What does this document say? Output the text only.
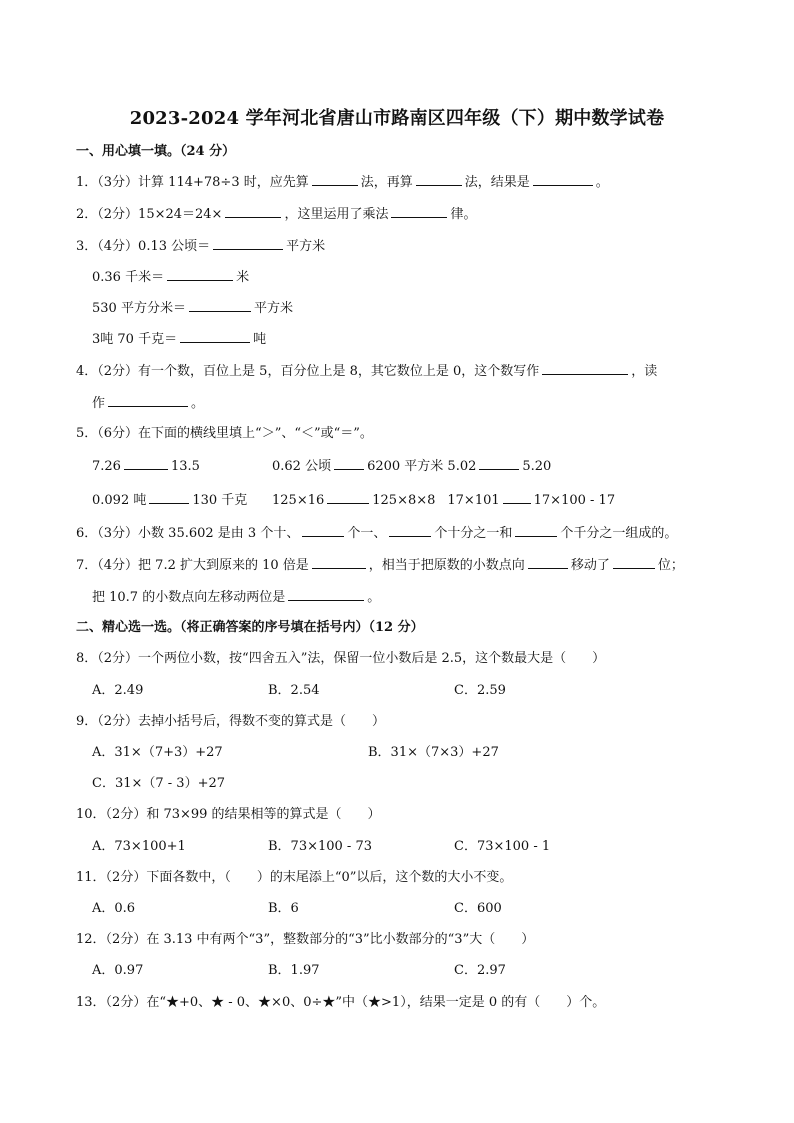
2023-2024 学年河北省唐山市路南区四年级（下）期中数学试卷
一、用心填一填。（24 分）
1．（3分）计算 114+78÷3 时，应先算	法，再算	法，结果是	。
2．（2分）15×24＝24×	，这里运用了乘法	律。
3．（4分）0.13 公顷＝	平方米
0.36 千米＝	米
530 平方分米＝	平方米
3吨 70 千克＝	吨
4．（2分）有一个数，百位上是 5，百分位上是 8，其它数位上是 0，这个数写作	，读
作	。
5．（6分）在下面的横线里填上“＞”、“＜”或“＝”。
7.26	13.5	0.62 公顷	6200 平方米 5.02	5.20
0.092 吨	130 千克 125×16	125×8×8 17×101	17×100 - 17
6．（3分）小数 35.602 是由 3 个十、	个一、	个十分之一和	个千分之一组成的。
7．（4分）把 7.2 扩大到原来的 10 倍是	，相当于把原数的小数点向	移动了	位；
把 10.7 的小数点向左移动两位是	。
二、精心选一选。（将正确答案的序号填在括号内）（12 分）
8．（2分）一个两位小数，按“四舍五入”法，保留一位小数后是 2.5，这个数最大是（　　）
A．2.49	B．2.54	C．2.59
9．（2分）去掉小括号后，得数不变的算式是（　　）
A．31×（7+3）+27	B．31×（7×3）+27
C．31×（7 - 3）+27
10．（2分）和 73×99 的结果相等的算式是（　　）
A．73×100+1	B．73×100 - 73	C．73×100 - 1
11．（2分）下面各数中，（　　）的末尾添上“0”以后，这个数的大小不变。
A．0.6	B．6	C．600
12．（2分）在 3.13 中有两个“3”，整数部分的“3”比小数部分的“3”大（　　）
A．0.97	B．1.97	C．2.97
13．（2分）在“★+0、★ - 0、★×0、0÷★”中（★>1），结果一定是 0 的有（　　）个。
